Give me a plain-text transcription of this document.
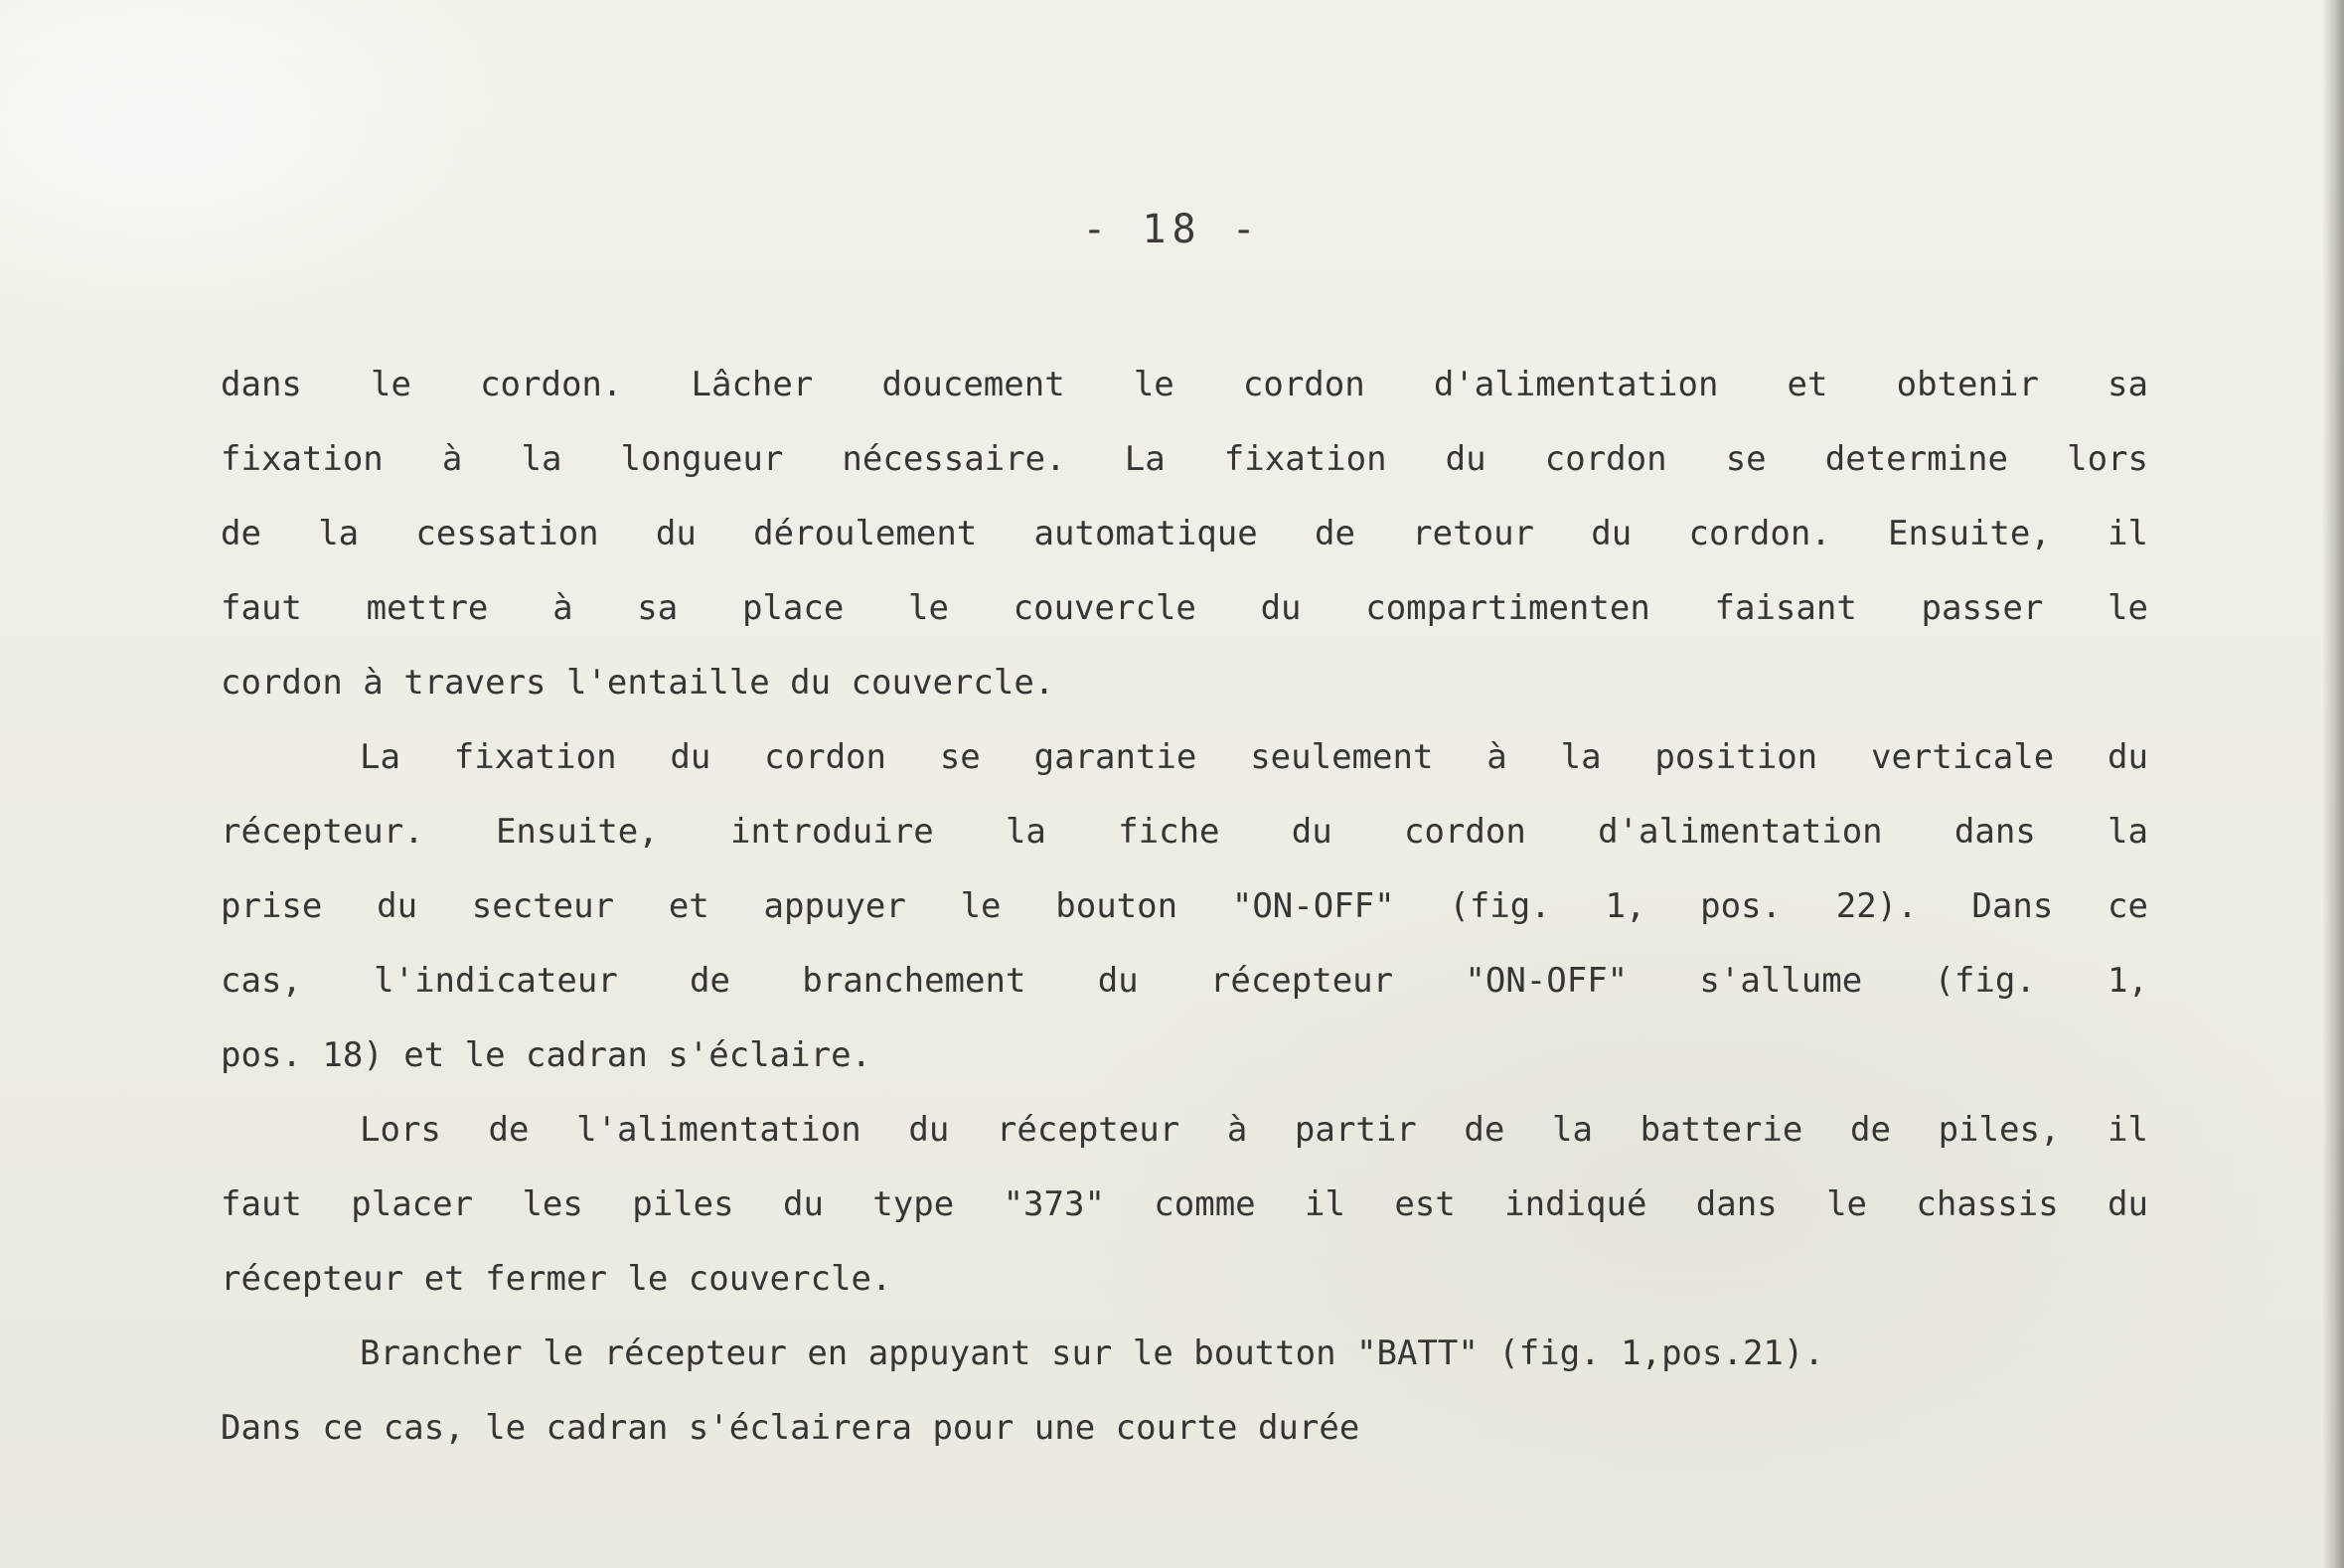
- 18 -

dans le cordon. Lâcher doucement le cordon d'alimentation et obtenir sa
fixation à la longueur nécessaire. La fixation du cordon se determine lors
de la cessation du déroulement automatique de retour du cordon. Ensuite, il
faut mettre à sa place le couvercle du compartimenten faisant passer le
cordon à travers l'entaille du couvercle.
La fixation du cordon se garantie seulement à la position verticale du
récepteur. Ensuite, introduire la fiche du cordon d'alimentation dans la
prise du secteur et appuyer le bouton "ON-OFF" (fig. 1, pos. 22). Dans ce
cas, l'indicateur de branchement du récepteur "ON-OFF" s'allume (fig. 1,
pos. 18) et le cadran s'éclaire.
Lors de l'alimentation du récepteur à partir de la batterie de piles, il
faut placer les piles du type "373" comme il est indiqué dans le chassis du
récepteur et fermer le couvercle.
Brancher le récepteur en appuyant sur le boutton "BATT" (fig. 1,pos.21).
Dans ce cas, le cadran s'éclairera pour une courte durée
